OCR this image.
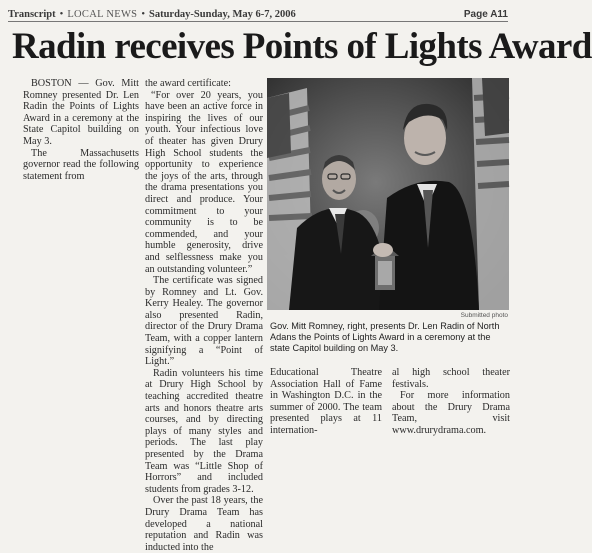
Transcript • LOCAL NEWS • Saturday-Sunday, May 6-7, 2006	Page A11
Radin receives Points of Lights Award

BOSTON — Gov. Mitt Romney presented Dr. Len Radin the Points of Lights Award in a ceremony at the State Capitol building on May 3.

The Massachusetts governor read the following statement from

the award certificate:

“For over 20 years, you have been an active force in inspiring the lives of our youth. Your infectious love of theater has given Drury High School students the opportunity to experience the joys of the arts, through the drama presentations you direct and produce. Your commitment to your community is to be commended, and your humble generosity, drive and selflessness make you an outstanding volunteer.”

The certificate was signed by Romney and Lt. Gov. Kerry Healey. The governor also presented Radin, director of the Drury Drama Team, with a copper lantern signifying a “Point of Light.”

Radin volunteers his time at Drury High School by teaching accredited theatre arts and honors theatre arts courses, and by directing plays of many styles and periods. The last play presented by the Drama Team was “Little Shop of Horrors” and included students from grades 3-12.

Over the past 18 years, the Drury Drama Team has developed a national reputation and Radin was inducted into the

Submitted photo
Gov. Mitt Romney, right, presents Dr. Len Radin of North Adans the Points of Lights Award in a ceremony at the state Capitol building on May 3.

Educational Theatre Association Hall of Fame in Washington D.C. in the summer of 2000. The team presented plays at 11 internation-

al high school theater festivals.

For more information about the Drury Drama Team, visit www.drurydrama.com.
